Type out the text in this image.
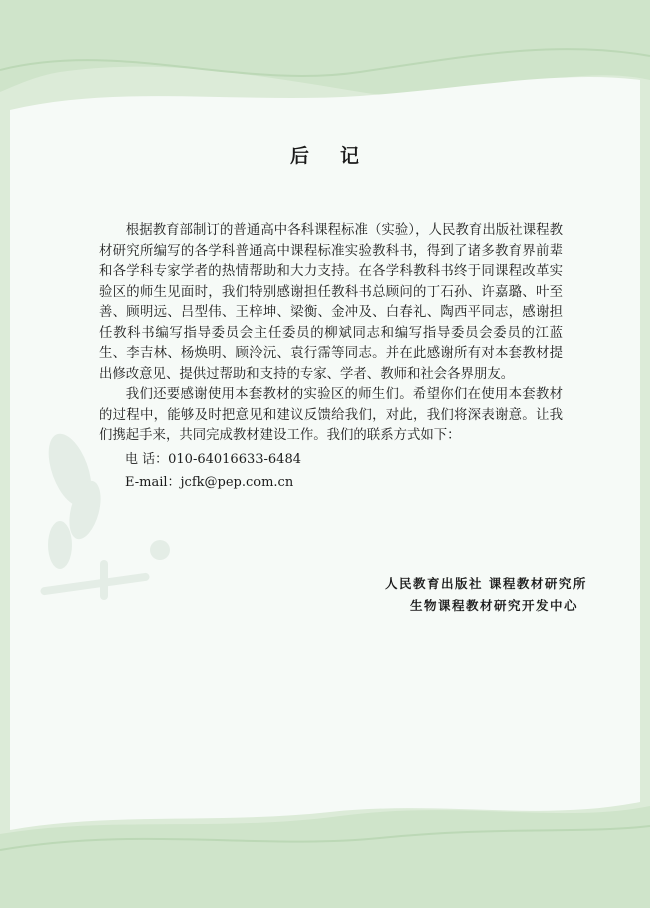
后 记

根据教育部制订的普通高中各科课程标准（实验），人民教育出版社课程教材研究所编写的各学科普通高中课程标准实验教科书，得到了诸多教育界前辈和各学科专家学者的热情帮助和大力支持。在各学科教科书终于同课程改革实验区的师生见面时，我们特别感谢担任教科书总顾问的丁石孙、许嘉璐、叶至善、顾明远、吕型伟、王梓坤、梁衡、金冲及、白春礼、陶西平同志，感谢担任教科书编写指导委员会主任委员的柳斌同志和编写指导委员会委员的江蓝生、李吉林、杨焕明、顾泠沅、袁行霈等同志。并在此感谢所有对本套教材提出修改意见、提供过帮助和支持的专家、学者、教师和社会各界朋友。

我们还要感谢使用本套教材的实验区的师生们。希望你们在使用本套教材的过程中，能够及时把意见和建议反馈给我们，对此，我们将深表谢意。让我们携起手来，共同完成教材建设工作。我们的联系方式如下：

电 话：010-64016633-6484
E-mail：jcfk@pep.com.cn
人民教育出版社 课程教材研究所
生物课程教材研究开发中心
